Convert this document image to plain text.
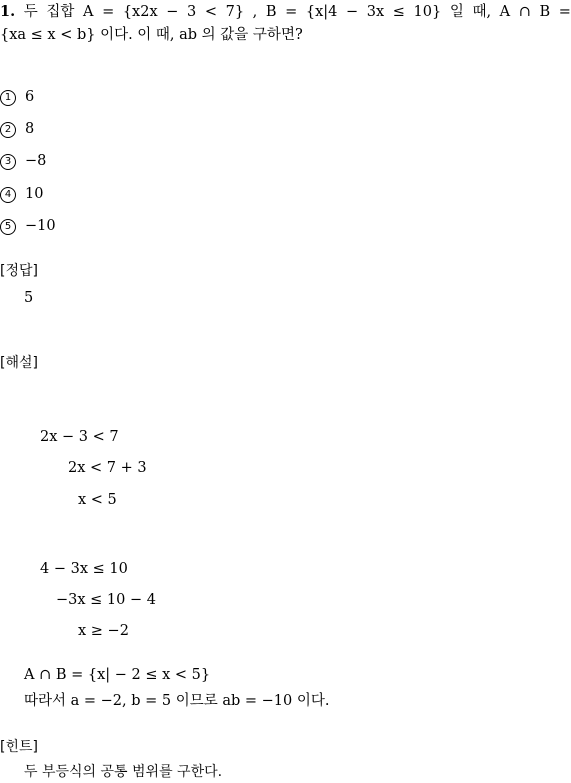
1. 두 집합 A = {x2x − 3 < 7} , B = {x|4 − 3x ≤ 10} 일 때, A ∩ B =
{xa ≤ x < b} 이다. 이 때, ab 의 값을 구하면?
1 6
2 8
3 −8
4 10
5 −10
[정답]
5
[해설]
2x − 3 < 7
2x < 7 + 3
x < 5
4 − 3x ≤ 10
−3x ≤ 10 − 4
x ≥ −2
A ∩ B = {x| − 2 ≤ x < 5}
따라서 a = −2, b = 5 이므로 ab = −10 이다.
[힌트]
두 부등식의 공통 범위를 구한다.
